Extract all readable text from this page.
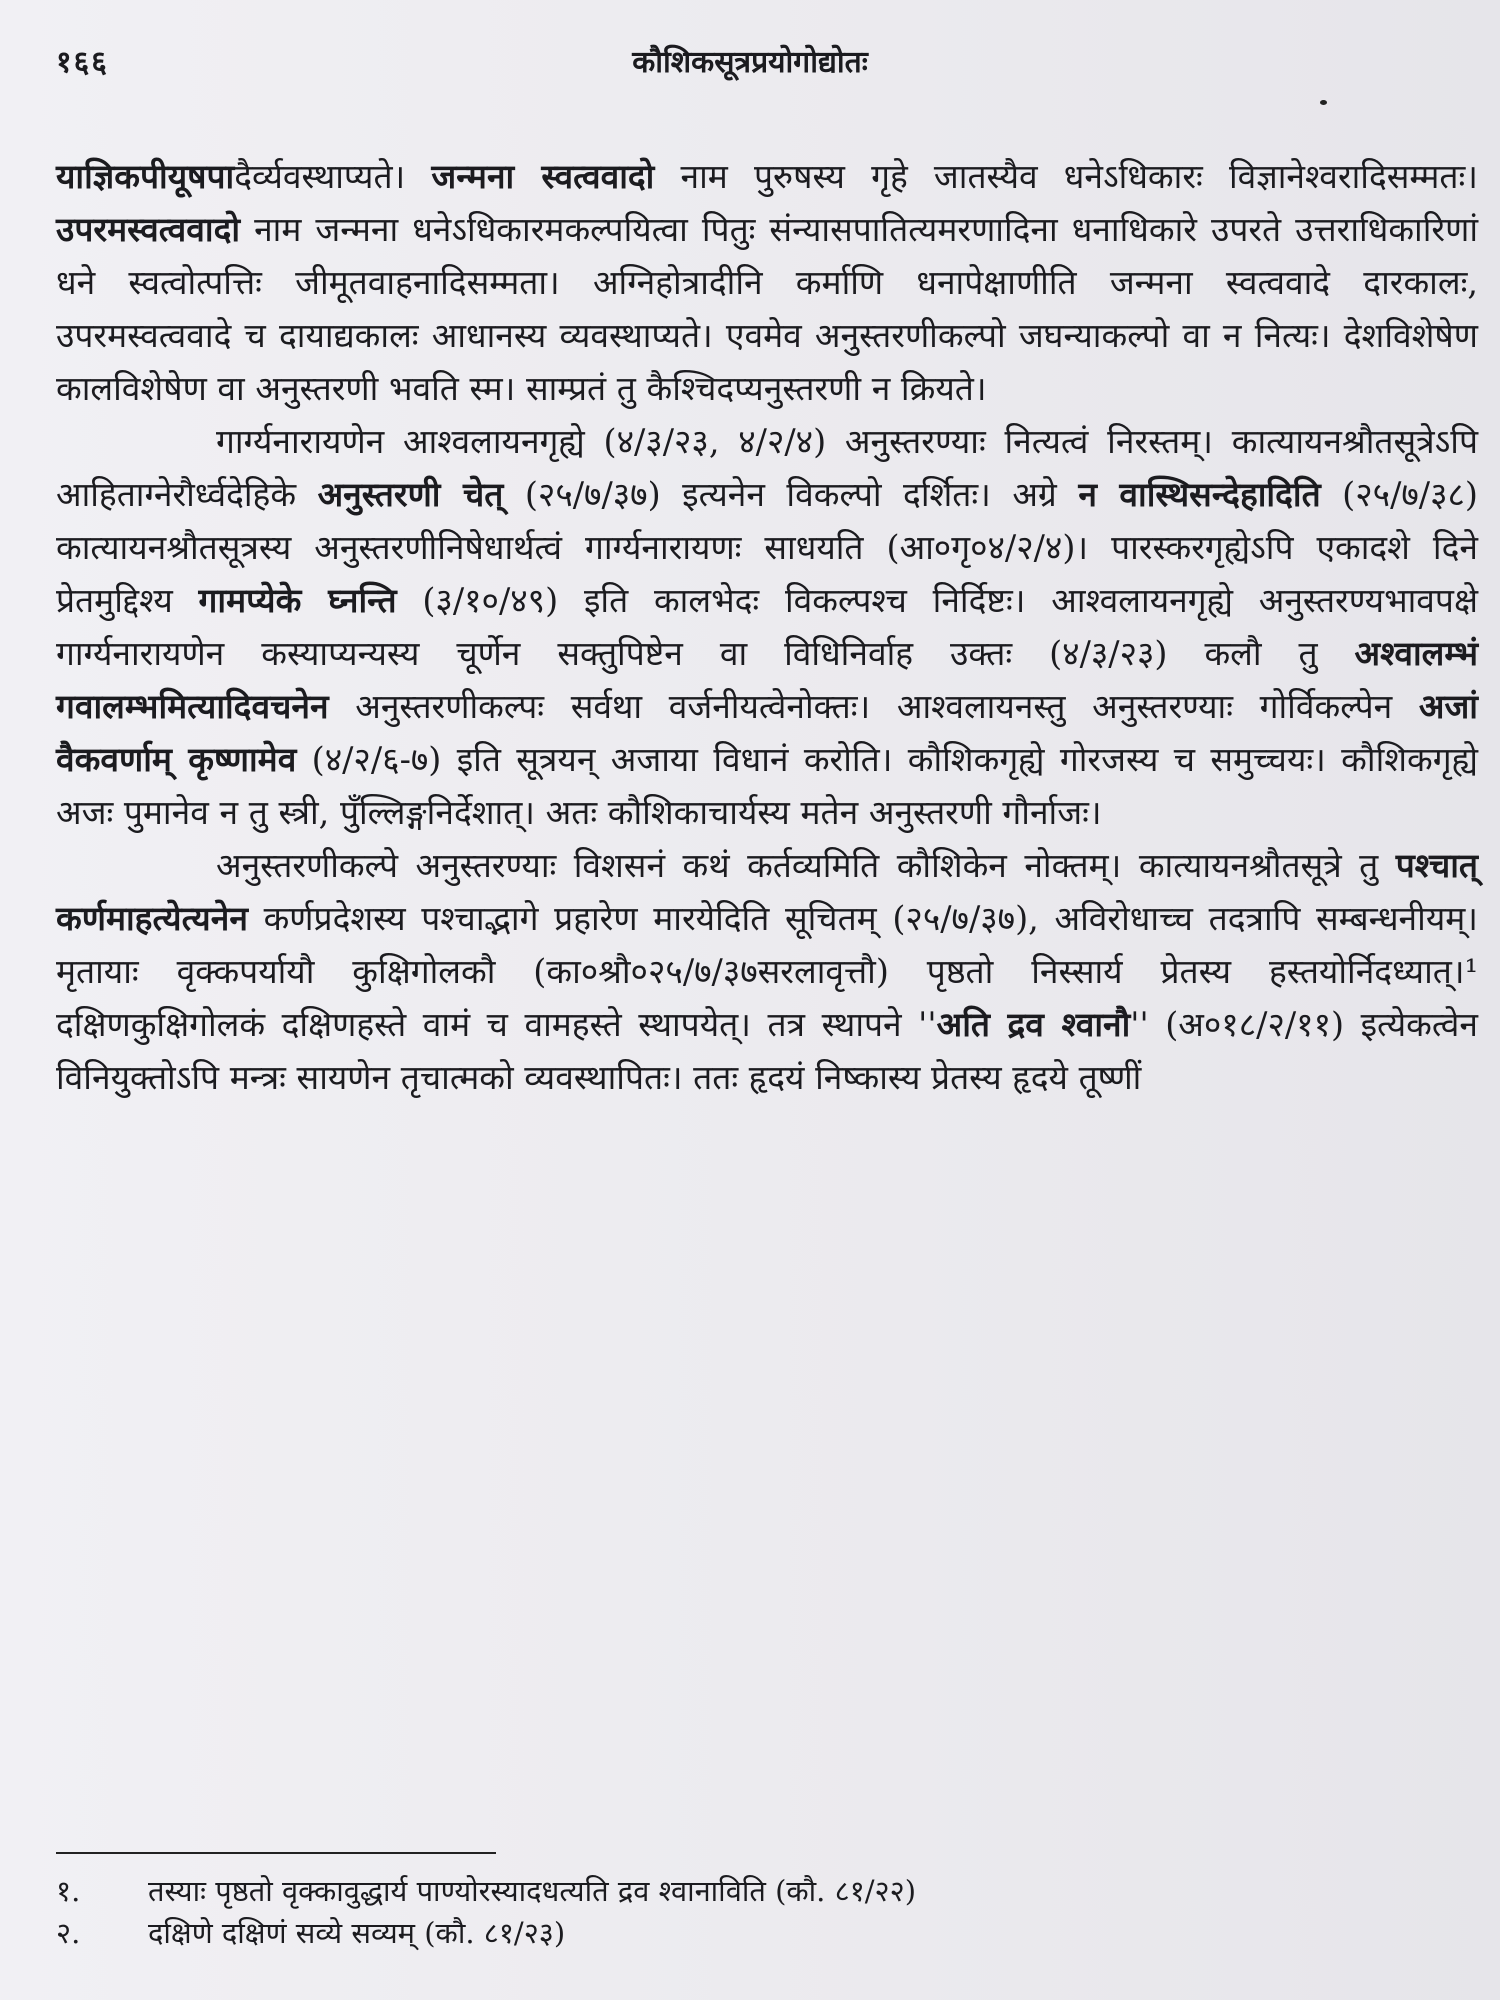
१६६	कौशिकसूत्रप्रयोगोद्योतः

याज्ञिकपीयूषपादैर्व्यवस्थाप्यते। जन्मना स्वत्ववादो नाम पुरुषस्य गृहे जातस्यैव धनेऽधिकारः विज्ञानेश्वरादिसम्मतः। उपरमस्वत्ववादो नाम जन्मना धनेऽधिकारमकल्पयित्वा पितुः संन्यासपातित्यमरणादिना धनाधिकारे उपरते उत्तराधिकारिणां धने स्वत्वोत्पत्तिः जीमूतवाहनादिसम्मता। अग्निहोत्रादीनि कर्माणि धनापेक्षाणीति जन्मना स्वत्ववादे दारकालः, उपरमस्वत्ववादे च दायाद्यकालः आधानस्य व्यवस्थाप्यते। एवमेव अनुस्तरणीकल्पो जघन्याकल्पो वा न नित्यः। देशविशेषेण कालविशेषेण वा अनुस्तरणी भवति स्म। साम्प्रतं तु कैश्चिदप्यनुस्तरणी न क्रियते।

गार्ग्यनारायणेन आश्वलायनगृह्ये (४/३/२३, ४/२/४) अनुस्तरण्याः नित्यत्वं निरस्तम्। कात्यायनश्रौतसूत्रेऽपि आहिताग्नेरौर्ध्वदेहिके अनुस्तरणी चेत् (२५/७/३७) इत्यनेन विकल्पो दर्शितः। अग्रे न वास्थिसन्देहादिति (२५/७/३८) कात्यायनश्रौतसूत्रस्य अनुस्तरणीनिषेधार्थत्वं गार्ग्यनारायणः साधयति (आ०गृ०४/२/४)। पारस्करगृह्येऽपि एकादशे दिने प्रेतमुद्दिश्य गामप्येके घ्नन्ति (३/१०/४९) इति कालभेदः विकल्पश्च निर्दिष्टः। आश्वलायनगृह्ये अनुस्तरण्यभावपक्षे गार्ग्यनारायणेन कस्याप्यन्यस्य चूर्णेन सक्तुपिष्टेन वा विधिनिर्वाह उक्तः (४/३/२३) कलौ तु अश्वालम्भं गवालम्भमित्यादिवचनेन अनुस्तरणीकल्पः सर्वथा वर्जनीयत्वेनोक्तः। आश्वलायनस्तु अनुस्तरण्याः गोर्विकल्पेन अजां वैकवर्णाम् कृष्णामेव (४/२/६-७) इति सूत्रयन् अजाया विधानं करोति। कौशिकगृह्ये गोरजस्य च समुच्चयः। कौशिकगृह्ये अजः पुमानेव न तु स्त्री, पुँल्लिङ्गनिर्देशात्। अतः कौशिकाचार्यस्य मतेन अनुस्तरणी गौर्नाजः।

अनुस्तरणीकल्पे अनुस्तरण्याः विशसनं कथं कर्तव्यमिति कौशिकेन नोक्तम्। कात्यायनश्रौतसूत्रे तु पश्चात् कर्णमाहत्येत्यनेन कर्णप्रदेशस्य पश्चाद्भागे प्रहारेण मारयेदिति सूचितम् (२५/७/३७), अविरोधाच्च तदत्रापि सम्बन्धनीयम्। मृतायाः वृक्कपर्यायौ कुक्षिगोलकौ (का०श्रौ०२५/७/३७सरलावृत्तौ) पृष्ठतो निस्सार्य प्रेतस्य हस्तयोर्निदध्यात्।¹ दक्षिणकुक्षिगोलकं दक्षिणहस्ते वामं च वामहस्ते स्थापयेत्। तत्र स्थापने ''अति द्रव श्वानौ'' (अ०१८/२/११) इत्येकत्वेन विनियुक्तोऽपि मन्त्रः सायणेन तृचात्मको व्यवस्थापितः। ततः हृदयं निष्कास्य प्रेतस्य हृदये तूष्णीं

१.	तस्याः पृष्ठतो वृक्कावुद्धार्य पाण्योरस्यादधत्यति द्रव श्वानाविति (कौ. ८१/२२)
२.	दक्षिणे दक्षिणं सव्ये सव्यम् (कौ. ८१/२३)
